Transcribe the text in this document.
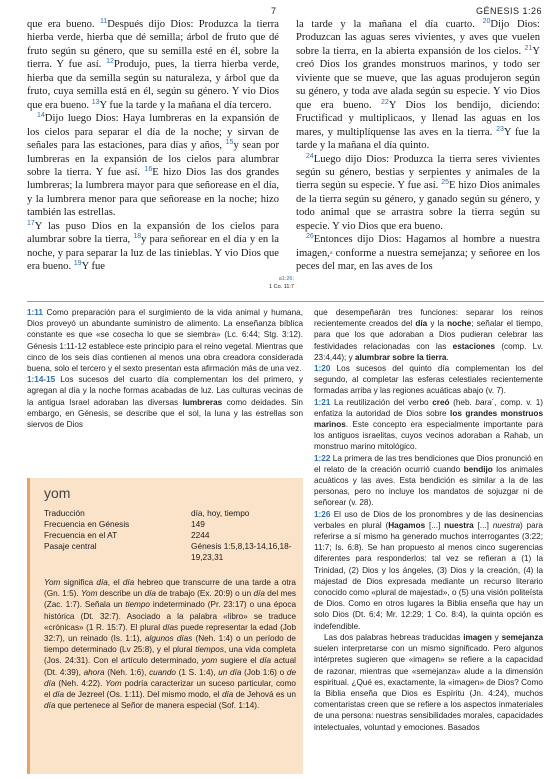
7	GÉNESIS 1:26

que era bueno. $^{11}$Después dijo Dios: Produzca la tierra hierba verde, hierba que dé semilla; árbol de fruto que dé fruto según su género, que su semilla esté en él, sobre la tierra. Y fue así. $^{12}$Produjo, pues, la tierra hierba verde, hierba que da semilla según su naturaleza, y árbol que da fruto, cuya semilla está en él, según su género. Y vio Dios que era bueno. $^{13}$Y fue la tarde y la mañana el día tercero.

$^{14}$Dijo luego Dios: Haya lumbreras en la expansión de los cielos para separar el día de la noche; y sirvan de señales para las estaciones, para días y años, $^{15}$y sean por lumbreras en la expansión de los cielos para alumbrar sobre la tierra. Y fue así. $^{16}$E hizo Dios las dos grandes lumbreras; la lumbrera mayor para que señorease en el día, y la lumbrera menor para que señorease en la noche; hizo también las estrellas.
$^{17}$Y las puso Dios en la expansión de los cielos para alumbrar sobre la tierra, $^{18}$y para señorear en el día y en la noche, y para separar la luz de las tinieblas. Y vio Dios que era bueno. $^{19}$Y fue

la tarde y la mañana el día cuarto. $^{20}$Dijo Dios: Produzcan las aguas seres vivientes, y aves que vuelen sobre la tierra, en la abierta expansión de los cielos. $^{21}$Y creó Dios los grandes monstruos marinos, y todo ser viviente que se mueve, que las aguas produjeron según su género, y toda ave alada según su especie. Y vio Dios que era bueno. $^{22}$Y Dios los bendijo, diciendo: Fructificad y multiplicaos, y llenad las aguas en los mares, y multiplíquense las aves en la tierra. $^{23}$Y fue la tarde y la mañana el día quinto.

$^{24}$Luego dijo Dios: Produzca la tierra seres vivientes según su género, bestias y serpientes y animales de la tierra según su especie. Y fue así. $^{25}$E hizo Dios animales de la tierra según su género, y ganado según su género, y todo animal que se arrastra sobre la tierra según su especie. Y vio Dios que era bueno.

$^{26}$Entonces dijo Dios: Hagamos al hombre a nuestra imagen,$^a$ conforme a nuestra semejanza; y señoree en los peces del mar, en las aves de los

a1:26:
1 Co. 11:7

1:11 Como preparación para el surgimiento de la vida animal y humana, Dios proveyó un abundante suministro de alimento. La enseñanza bíblica constante es que «se cosecha lo que se siembra» (Lc. 6:44; Stg. 3:12). Génesis 1:11-12 establece este principio para el reino vegetal. Mientras que cinco de los seis días contienen al menos una obra creadora considerada buena, solo el tercero y el sexto presentan esta afirmación más de una vez.

1:14-15 Los sucesos del cuarto día complementan los del primero, y agregan al día y la noche formas acabadas de luz. Las culturas vecinas de la antigua Israel adoraban las diversas lumbreras como deidades. Sin embargo, en Génesis, se describe que el sol, la luna y las estrellas son siervos de Dios

yom
Traducción	día, hoy, tiempo
Frecuencia en Génesis	149
Frecuencia en el AT	2244
Pasaje central	Génesis 1:5,8,13-14,16,18-19,23,31

Yom significa día, el día hebreo que transcurre de una tarde a otra (Gn. 1:5). Yom describe un día de trabajo (Ex. 20:9) o un día del mes (Zac. 1:7). Señala un tiempo indeterminado (Pr. 23:17) o una época histórica (Dt. 32:7). Asociado a la palabra «libro» se traduce «crónicas» (1 R. 15:7). El plural días puede representar la edad (Job 32:7), un reinado (Is. 1:1), algunos días (Neh. 1:4) o un período de tiempo determinado (Lv 25:8), y el plural tiempos, una vida completa (Jos. 24:31). Con el artículo determinado, yom sugiere el día actual (Dt. 4:39), ahora (Neh. 1:6), cuando (1 S. 1:4), un día (Job 1:6) o de día (Neh. 4:22). Yom podría caracterizar un suceso particular, como el día de Jezreel (Os. 1:11). Del mismo modo, el día de Jehová es un día que pertenece al Señor de manera especial (Sof. 1:14).

que desempeñarán tres funciones: separar los reinos recientemente creados del día y la noche; señalar el tiempo, para que los que adoraban a Dios pudieran celebrar las festividades relacionadas con las estaciones (comp. Lv. 23:4,44); y alumbrar sobre la tierra.

1:20 Los sucesos del quinto día complementan los del segundo, al completar las esferas celestiales recientemente formadas arriba y las regiones acuáticas abajo (v. 7).

1:21 La reutilización del verbo creó (heb. bara´, comp. v. 1) enfatiza la autoridad de Dios sobre los grandes monstruos marinos. Este concepto era especialmente importante para los antiguos israelitas, cuyos vecinos adoraban a Rahab, un monstruo marino mitológico.

1:22 La primera de las tres bendiciones que Dios pronunció en el relato de la creación ocurrió cuando bendijo los animales acuáticos y las aves. Esta bendición es similar a la de las personas, pero no incluye los mandatos de sojuzgar ni de señorear (v. 28).

1:26 El uso de Dios de los pronombres y de las desinencias verbales en plural (Hagamos [...] nuestra [...] nuestra) para referirse a sí mismo ha generado muchos interrogantes (3:22; 11:7; Is. 6:8). Se han propuesto al menos cinco sugerencias diferentes para responderlos: tal vez se refieran a (1) la Trinidad, (2) Dios y los ángeles, (3) Dios y la creación, (4) la majestad de Dios expresada mediante un recurso literario conocido como «plural de majestad», o (5) una visión politeísta de Dios. Como en otros lugares la Biblia enseña que hay un solo Dios (Dt. 6:4; Mr. 12:29; 1 Co. 8:4), la quinta opción es indefendible.

Las dos palabras hebreas traducidas imagen y semejanza suelen interpretarse con un mismo significado. Pero algunos intérpretes sugieren que «imagen» se refiere a la capacidad de razonar, mientras que «semejanza» alude a la dimensión espiritual. ¿Qué es, exactamente, la «imagen» de Dios? Como la Biblia enseña que Dios es Espíritu (Jn. 4:24), muchos comentaristas creen que se refiere a los aspectos inmateriales de una persona: nuestras sensibilidades morales, capacidades intelectuales, voluntad y emociones. Basados
